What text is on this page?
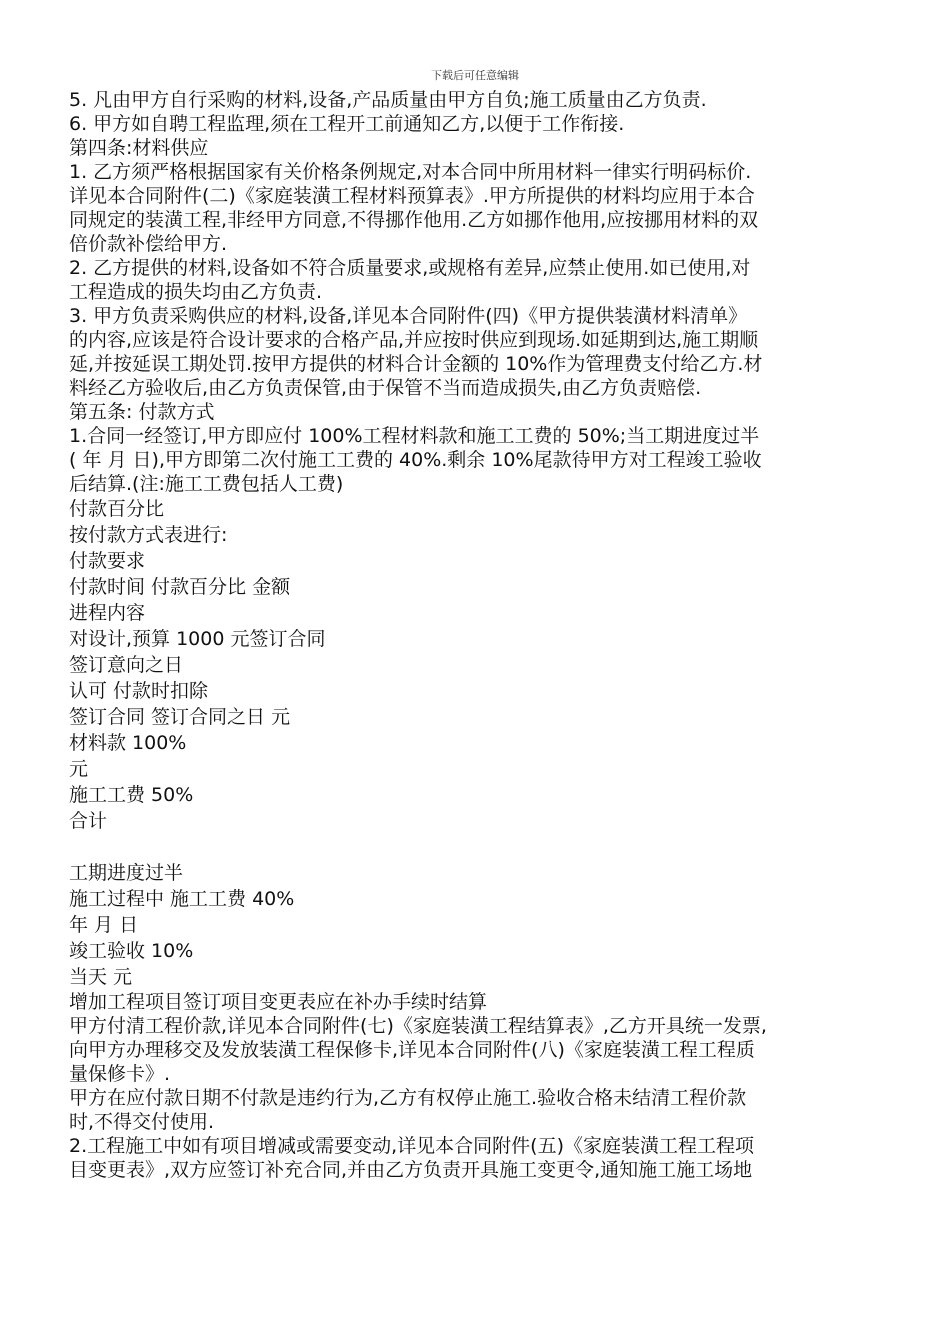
下载后可任意编辑
5. 凡由甲方自行采购的材料,设备,产品质量由甲方自负;施工质量由乙方负责.
6. 甲方如自聘工程监理,须在工程开工前通知乙方,以便于工作衔接.
第四条:材料供应
1. 乙方须严格根据国家有关价格条例规定,对本合同中所用材料一律实行明码标价.
详见本合同附件(二)《家庭装潢工程材料预算表》.甲方所提供的材料均应用于本合
同规定的装潢工程,非经甲方同意,不得挪作他用.乙方如挪作他用,应按挪用材料的双
倍价款补偿给甲方.
2. 乙方提供的材料,设备如不符合质量要求,或规格有差异,应禁止使用.如已使用,对
工程造成的损失均由乙方负责.
3. 甲方负责采购供应的材料,设备,详见本合同附件(四)《甲方提供装潢材料清单》
的内容,应该是符合设计要求的合格产品,并应按时供应到现场.如延期到达,施工期顺
延,并按延误工期处罚.按甲方提供的材料合计金额的 10%作为管理费支付给乙方.材
料经乙方验收后,由乙方负责保管,由于保管不当而造成损失,由乙方负责赔偿.
第五条: 付款方式
1.合同一经签订,甲方即应付 100%工程材料款和施工工费的 50%;当工期进度过半
( 年 月 日),甲方即第二次付施工工费的 40%.剩余 10%尾款待甲方对工程竣工验收
后结算.(注:施工工费包括人工费)
付款百分比
按付款方式表进行:
付款要求
付款时间 付款百分比 金额
进程内容
对设计,预算 1000 元签订合同
签订意向之日
认可 付款时扣除
签订合同 签订合同之日 元
材料款 100%
元
施工工费 50%
合计
工期进度过半
施工过程中 施工工费 40%
年 月 日
竣工验收 10%
当天 元
增加工程项目签订项目变更表应在补办手续时结算
甲方付清工程价款,详见本合同附件(七)《家庭装潢工程结算表》,乙方开具统一发票,
向甲方办理移交及发放装潢工程保修卡,详见本合同附件(八)《家庭装潢工程工程质
量保修卡》.
甲方在应付款日期不付款是违约行为,乙方有权停止施工.验收合格未结清工程价款
时,不得交付使用.
2.工程施工中如有项目增减或需要变动,详见本合同附件(五)《家庭装潢工程工程项
目变更表》,双方应签订补充合同,并由乙方负责开具施工变更令,通知施工施工场地
